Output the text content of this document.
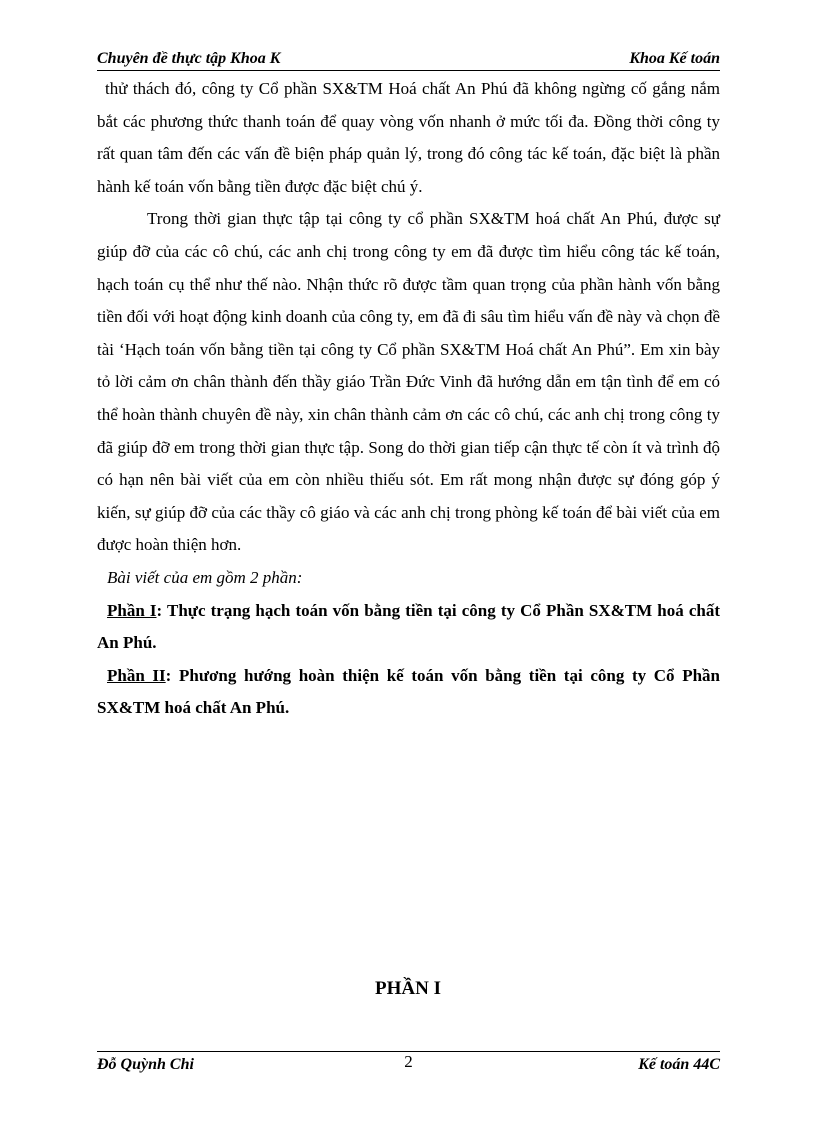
Chuyên đề thực tập Khoa K	Khoa Kế toán

thử thách đó, công ty Cổ phần SX&TM Hoá chất An Phú đã không ngừng cố gắng nắm bắt các phương thức thanh toán để quay vòng vốn nhanh ở mức tối đa. Đồng thời công ty rất quan tâm đến các vấn đề biện pháp quản lý, trong đó công tác kế toán, đặc biệt là phần hành kế toán vốn bằng tiền được đặc biệt chú ý.

Trong thời gian thực tập tại công ty cổ phần SX&TM hoá chất An Phú, được sự giúp đỡ của các cô chú, các anh chị trong công ty em đã được tìm hiểu công tác kế toán, hạch toán cụ thể như thế nào. Nhận thức rõ được tầm quan trọng của phần hành vốn bằng tiền đối với hoạt động kinh doanh của công ty, em đã đi sâu tìm hiểu vấn đề này và chọn đề tài ‘Hạch toán vốn bằng tiền tại công ty Cổ phần SX&TM Hoá chất An Phú”. Em xin bày tỏ lời cảm ơn chân thành đến thầy giáo Trần Đức Vinh đã hướng dẫn em tận tình để em có thể hoàn thành chuyên đề này, xin chân thành cảm ơn các cô chú, các anh chị trong công ty đã giúp đỡ em trong thời gian thực tập. Song do thời gian tiếp cận thực tế còn ít và trình độ có hạn nên bài viết của em còn nhiều thiếu sót. Em rất mong nhận được sự đóng góp ý kiến, sự giúp đỡ của các thầy cô giáo và các anh chị trong phòng kế toán để bài viết của em được hoàn thiện hơn.

Bài viết của em gồm 2 phần:

Phần I: Thực trạng hạch toán vốn bằng tiền tại công ty Cổ Phần SX&TM hoá chất An Phú.

Phần II: Phương hướng hoàn thiện kế toán vốn bằng tiền tại công ty Cổ Phần SX&TM hoá chất An Phú.

PHẦN I
Đỗ Quỳnh Chi	2	Kế toán 44C
